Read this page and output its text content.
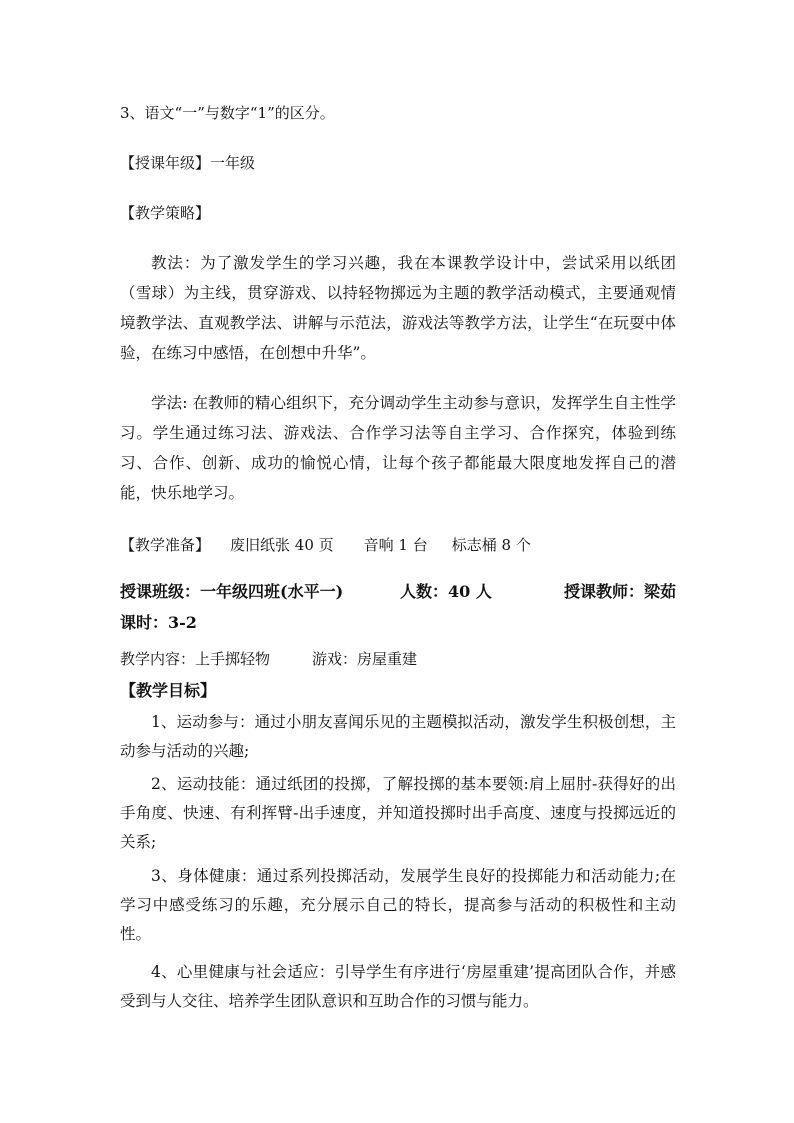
3、语文“一”与数字“1”的区分。
【授课年级】一年级
【教学策略】
教法：为了激发学生的学习兴趣，我在本课教学设计中，尝试采用以纸团（雪球）为主线，贯穿游戏、以持轻物掷远为主题的教学活动模式，主要通观情境教学法、直观教学法、讲解与示范法，游戏法等教学方法，让学生“在玩耍中体验，在练习中感悟，在创想中升华”。
学法: 在教师的精心组织下，充分调动学生主动参与意识，发挥学生自主性学习。学生通过练习法、游戏法、合作学习法等自主学习、合作探究，体验到练习、合作、创新、成功的愉悦心情，让每个孩子都能最大限度地发挥自己的潜能，快乐地学习。
【教学准备】 废旧纸张 40 页 音响 1 台 标志桶 8 个
授课班级：一年级四班(水平一)	人数：40 人	授课教师：梁茹
课时：3-2
教学内容：上手掷轻物	游戏：房屋重建
【教学目标】
1、运动参与：通过小朋友喜闻乐见的主题模拟活动，激发学生积极创想，主动参与活动的兴趣;
2、运动技能：通过纸团的投掷，了解投掷的基本要领:肩上屈肘-获得好的出手角度、快速、有利挥臂-出手速度，并知道投掷时出手高度、速度与投掷远近的关系;
3、身体健康：通过系列投掷活动，发展学生良好的投掷能力和活动能力;在学习中感受练习的乐趣，充分展示自己的特长，提高参与活动的积极性和主动性。
4、心里健康与社会适应：引导学生有序进行‘房屋重建’提高团队合作，并感受到与人交往、培养学生团队意识和互助合作的习惯与能力。
